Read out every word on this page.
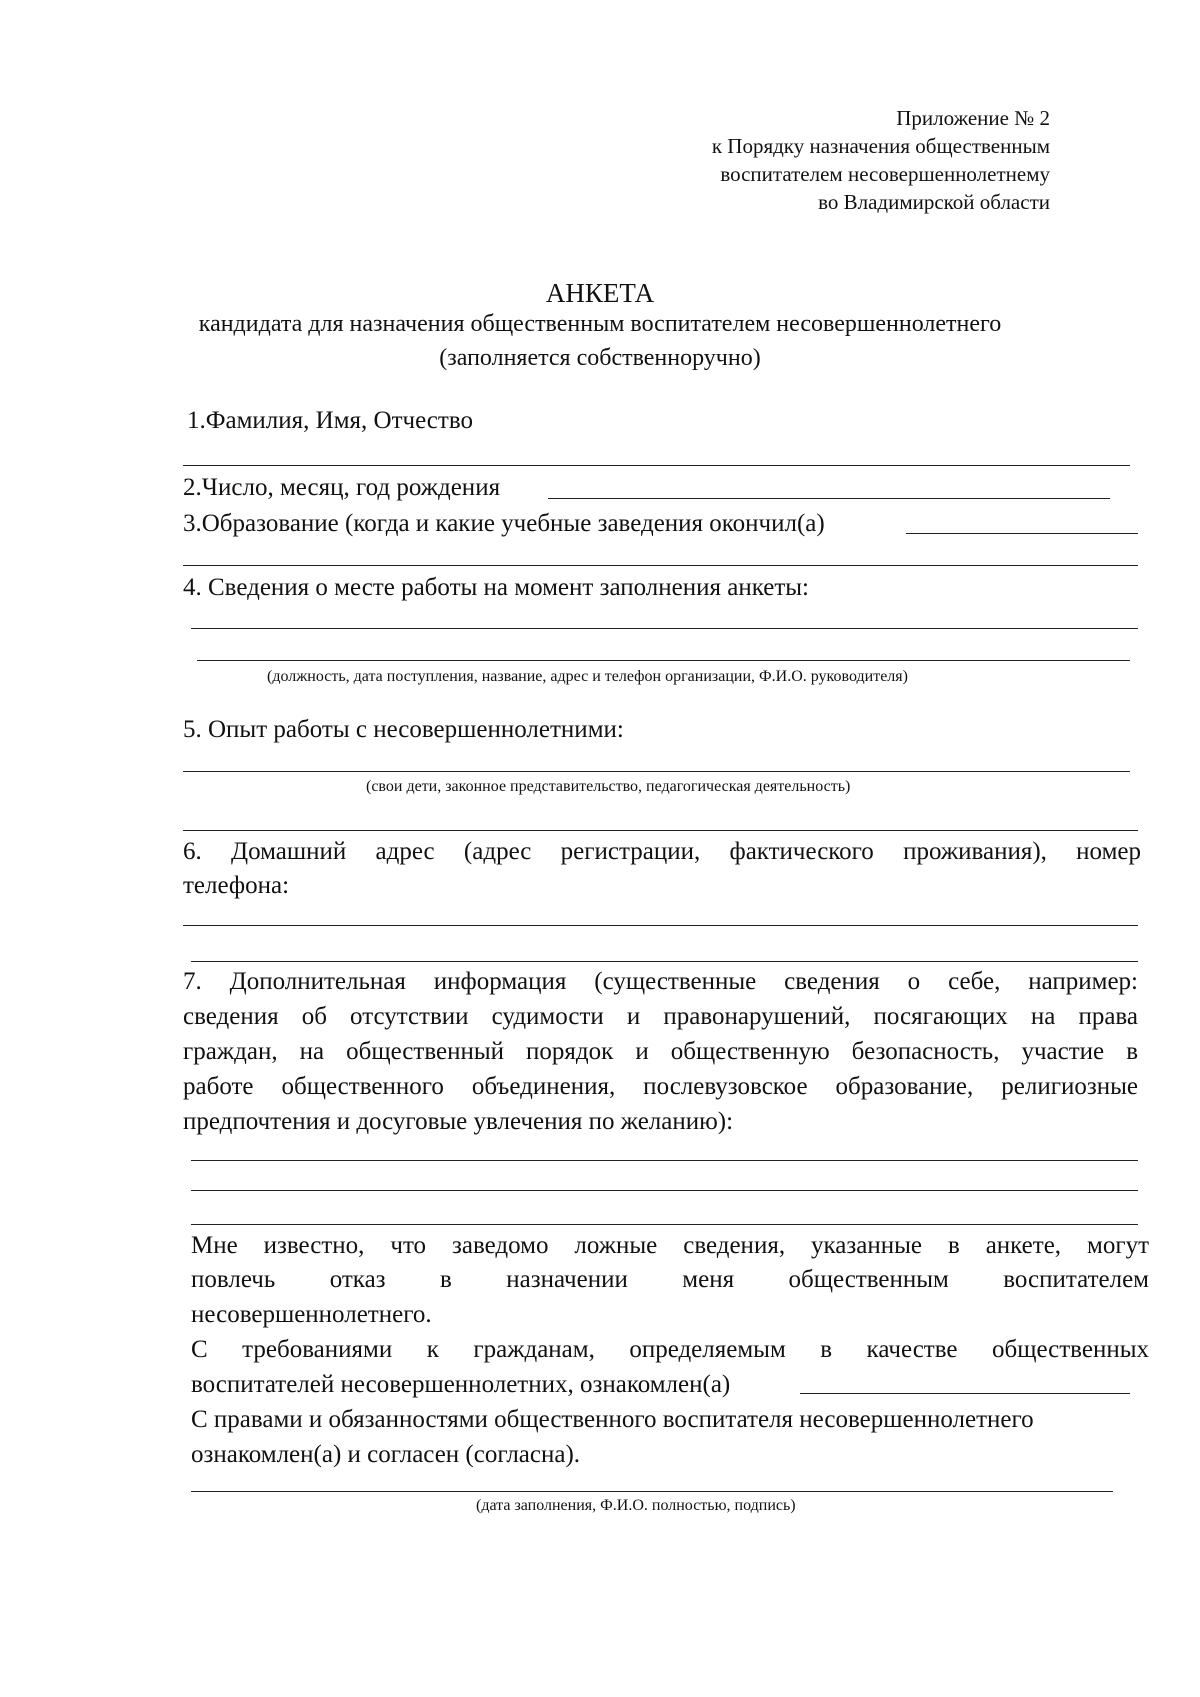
Приложение № 2
к Порядку назначения общественным
воспитателем несовершеннолетнему
во Владимирской области
АНКЕТА
кандидата для назначения общественным воспитателем несовершеннолетнего
(заполняется собственноручно)
1.Фамилия, Имя, Отчество
2.Число, месяц, год рождения
3.Образование (когда и какие учебные заведения окончил(а)
4. Сведения о месте работы на момент заполнения анкеты:
(должность, дата поступления, название, адрес и телефон организации, Ф.И.О. руководителя)
5. Опыт работы с несовершеннолетними:
(свои дети, законное представительство, педагогическая деятельность)
6. Домашний адрес (адрес регистрации, фактического проживания), номер
телефона:
7. Дополнительная информация (существенные сведения о себе, например:
сведения об отсутствии судимости и правонарушений, посягающих на права
граждан, на общественный порядок и общественную безопасность, участие в
работе общественного объединения, послевузовское образование, религиозные
предпочтения и досуговые увлечения по желанию):
Мне известно, что заведомо ложные сведения, указанные в анкете, могут
повлечь отказ в назначении меня общественным воспитателем
несовершеннолетнего.
С требованиями к гражданам, определяемым в качестве общественных
воспитателей несовершеннолетних, ознакомлен(а)
С правами и обязанностями общественного воспитателя несовершеннолетнего
ознакомлен(а) и согласен (согласна).
(дата заполнения, Ф.И.О. полностью, подпись)
